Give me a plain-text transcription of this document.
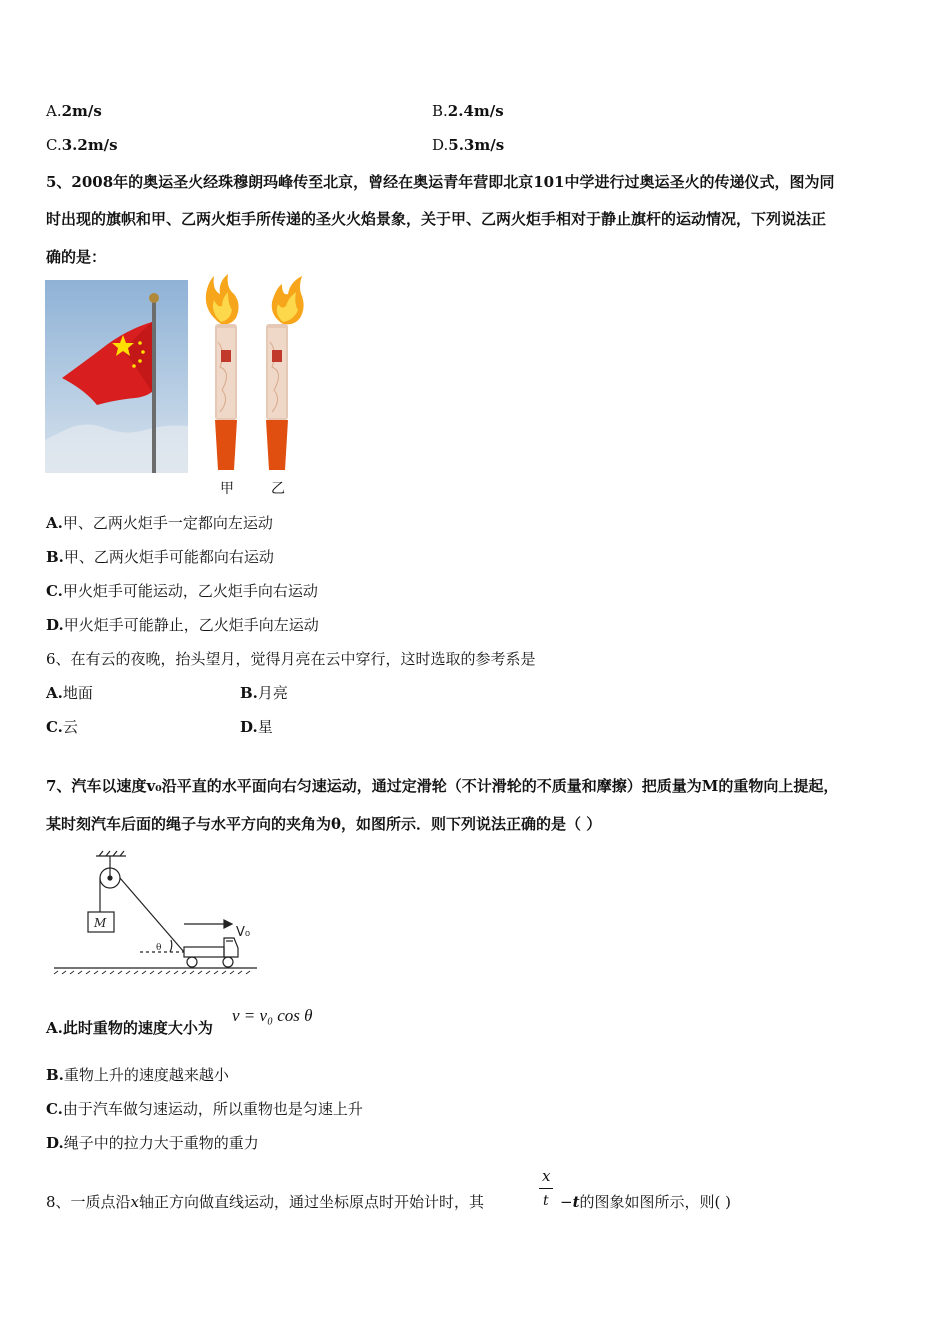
A.2m/s	B.2.4m/s
C.3.2m/s	D.5.3m/s
5、2008年的奥运圣火经珠穆朗玛峰传至北京，曾经在奥运青年营即北京101中学进行过奥运圣火的传递仪式，图为同
时出现的旗帜和甲、乙两火炬手所传递的圣火火焰景象，关于甲、乙两火炬手相对于静止旗杆的运动情况，下列说法正
确的是：
甲	乙
A.甲、乙两火炬手一定都向左运动
B.甲、乙两火炬手可能都向右运动
C.甲火炬手可能运动，乙火炬手向右运动
D.甲火炬手可能静止，乙火炬手向左运动
6、在有云的夜晚，抬头望月，觉得月亮在云中穿行，这时选取的参考系是
A.地面	B.月亮
C.云	D.星
7、汽车以速度v₀沿平直的水平面向右匀速运动，通过定滑轮（不计滑轮的不质量和摩擦）把质量为M的重物向上提起，
某时刻汽车后面的绳子与水平方向的夹角为θ，如图所示．则下列说法正确的是（ ）
M
θ
V₀
A.此时重物的速度大小为
v = v₀ cos θ
B.重物上升的速度越来越小
C.由于汽车做匀速运动，所以重物也是匀速上升
D.绳子中的拉力大于重物的重力
8、一质点沿x轴正方向做直线运动，通过坐标原点时开始计时，其
x
t −t的图象如图所示，则( )
